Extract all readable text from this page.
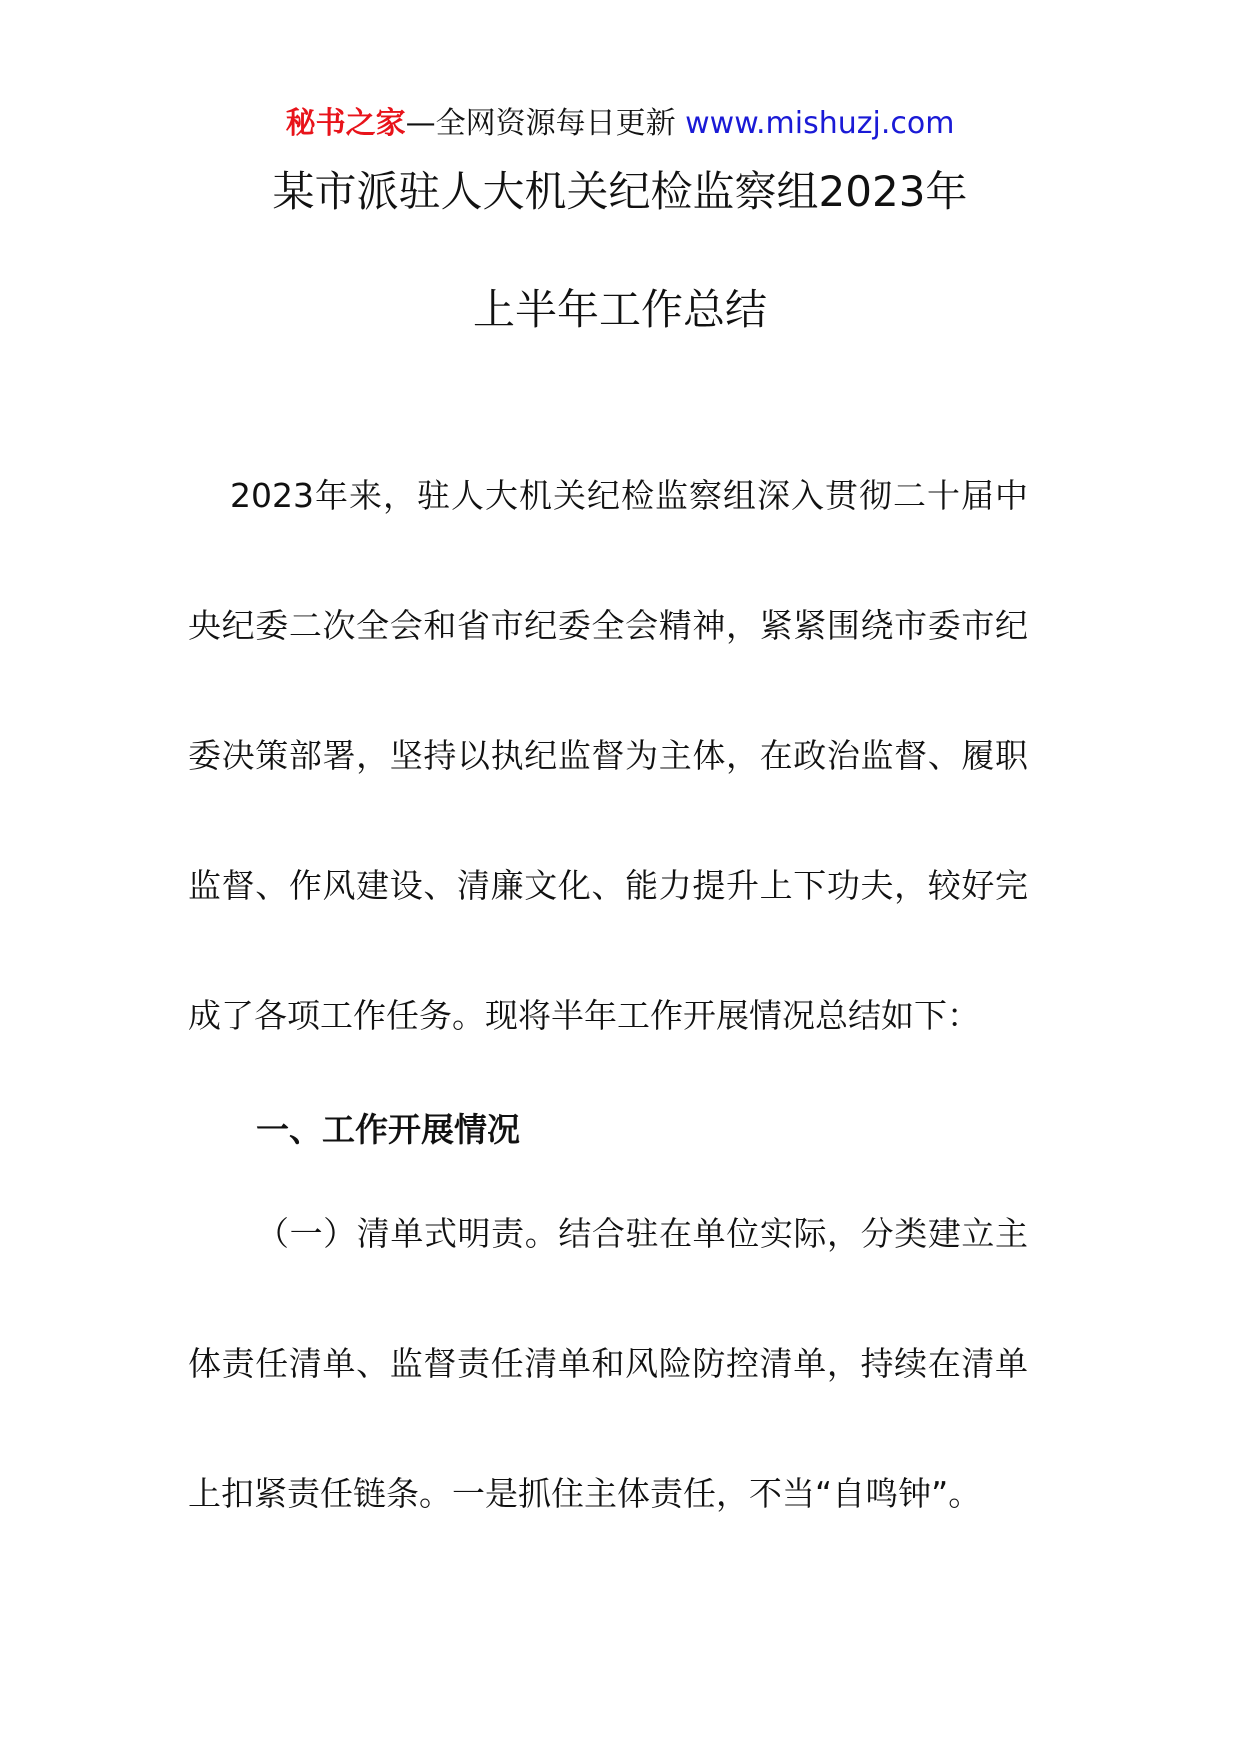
秘书之家—全网资源每日更新 www.mishuzj.com
某市派驻人大机关纪检监察组2023年
上半年工作总结
2023年来，驻人大机关纪检监察组深入贯彻二十届中
央纪委二次全会和省市纪委全会精神，紧紧围绕市委市纪
委决策部署，坚持以执纪监督为主体，在政治监督、履职
监督、作风建设、清廉文化、能力提升上下功夫，较好完
成了各项工作任务。现将半年工作开展情况总结如下：
一、工作开展情况
（一）清单式明责。结合驻在单位实际，分类建立主
体责任清单、监督责任清单和风险防控清单，持续在清单
上扣紧责任链条。一是抓住主体责任，不当“自鸣钟”。
